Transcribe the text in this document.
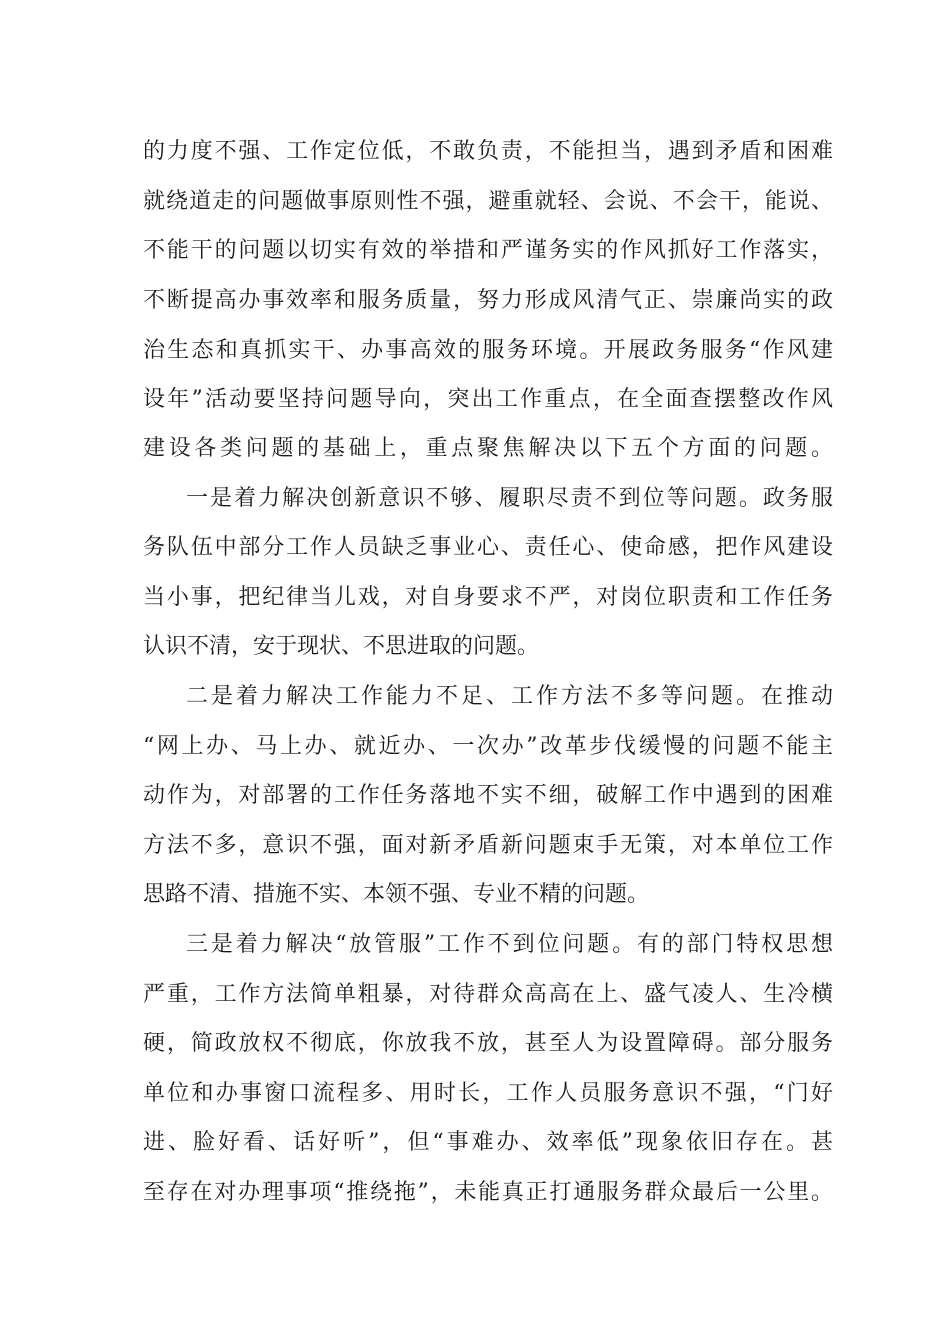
的力度不强、工作定位低，不敢负责，不能担当，遇到矛盾和困难
就绕道走的问题做事原则性不强，避重就轻、会说、不会干，能说、
不能干的问题以切实有效的举措和严谨务实的作风抓好工作落实，
不断提高办事效率和服务质量，努力形成风清气正、崇廉尚实的政
治生态和真抓实干、办事高效的服务环境。开展政务服务“作风建
设年”活动要坚持问题导向，突出工作重点，在全面查摆整改作风
建设各类问题的基础上，重点聚焦解决以下五个方面的问题。
一是着力解决创新意识不够、履职尽责不到位等问题。政务服
务队伍中部分工作人员缺乏事业心、责任心、使命感，把作风建设
当小事，把纪律当儿戏，对自身要求不严，对岗位职责和工作任务
认识不清，安于现状、不思进取的问题。
二是着力解决工作能力不足、工作方法不多等问题。在推动
“网上办、马上办、就近办、一次办”改革步伐缓慢的问题不能主
动作为，对部署的工作任务落地不实不细，破解工作中遇到的困难
方法不多，意识不强，面对新矛盾新问题束手无策，对本单位工作
思路不清、措施不实、本领不强、专业不精的问题。
三是着力解决“放管服”工作不到位问题。有的部门特权思想
严重，工作方法简单粗暴，对待群众高高在上、盛气凌人、生冷横
硬，简政放权不彻底，你放我不放，甚至人为设置障碍。部分服务
单位和办事窗口流程多、用时长，工作人员服务意识不强，“门好
进、脸好看、话好听”，但“事难办、效率低”现象依旧存在。甚
至存在对办理事项“推绕拖”，未能真正打通服务群众最后一公里。
